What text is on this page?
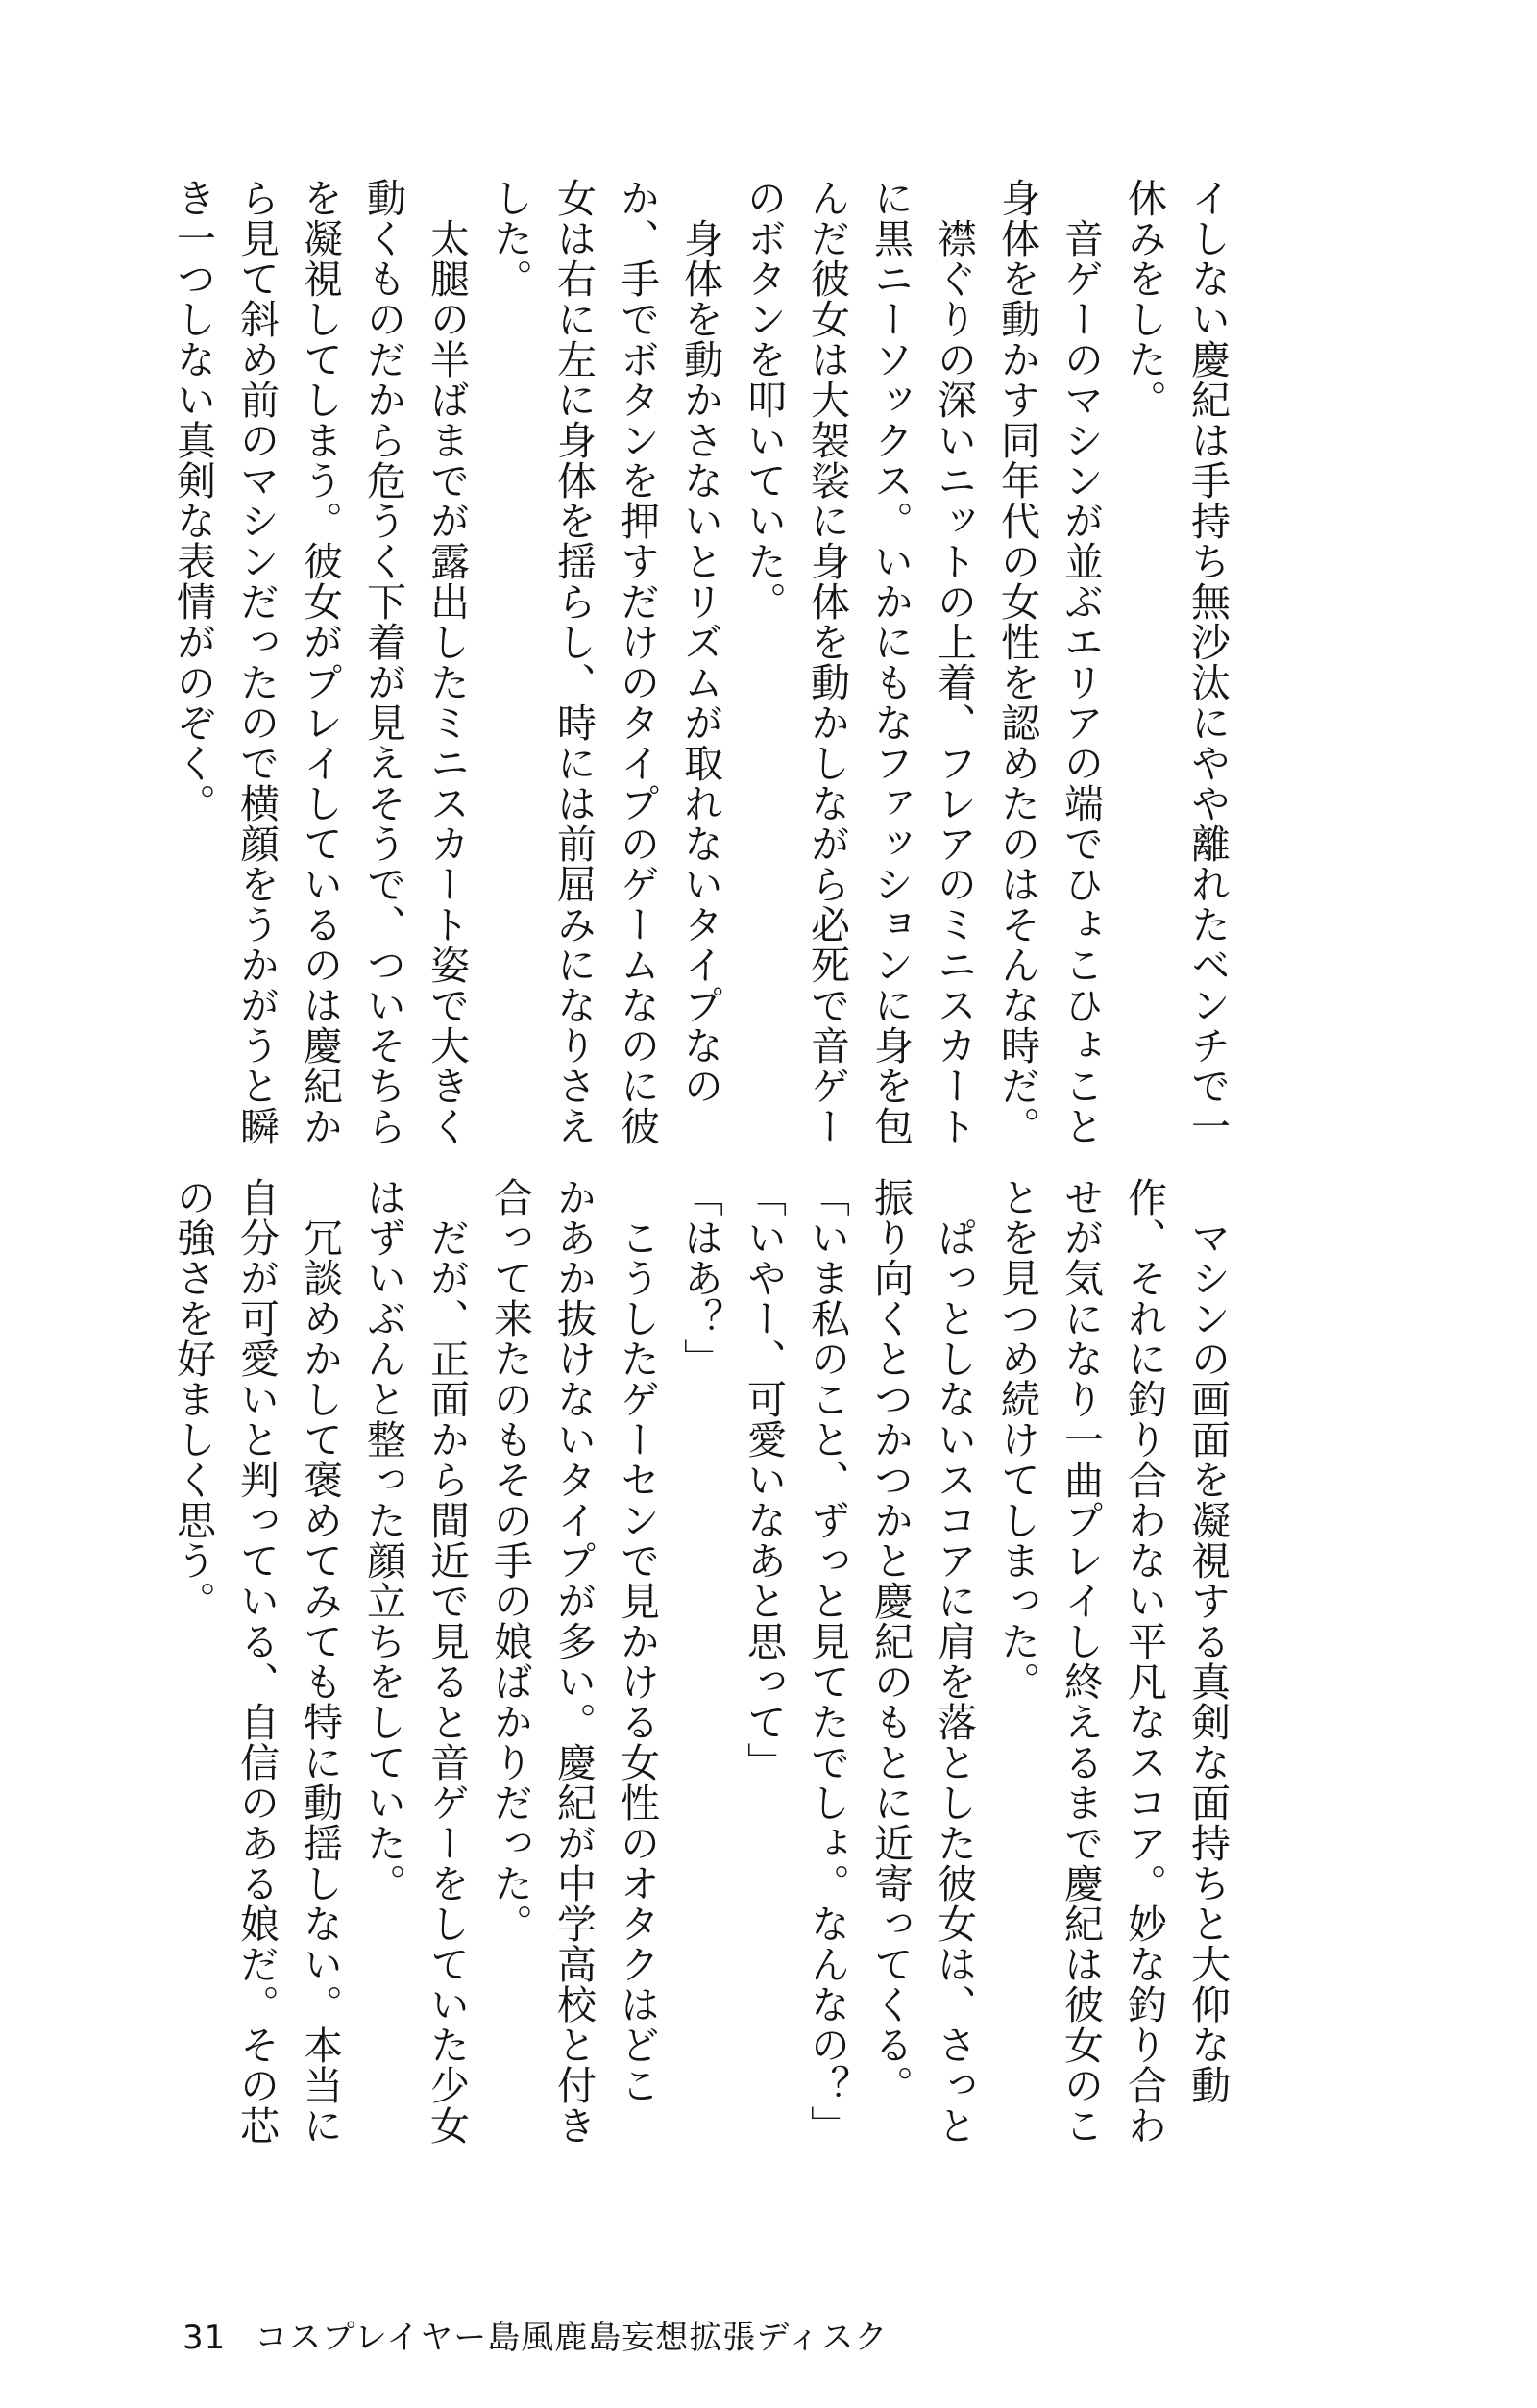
イしない慶紀は手持ち無沙汰にやや離れたベンチで一
休みをした。
　音ゲーのマシンが並ぶエリアの端でひょこひょこと
身体を動かす同年代の女性を認めたのはそんな時だ。
　襟ぐりの深いニットの上着、フレアのミニスカート
に黒ニーソックス。いかにもなファッションに身を包
んだ彼女は大袈裟に身体を動かしながら必死で音ゲー
のボタンを叩いていた。
　身体を動かさないとリズムが取れないタイプなの
か、手でボタンを押すだけのタイプのゲームなのに彼
女は右に左に身体を揺らし、時には前屈みになりさえ
した。
　太腿の半ばまでが露出したミニスカート姿で大きく
動くものだから危うく下着が見えそうで、ついそちら
を凝視してしまう。彼女がプレイしているのは慶紀か
ら見て斜め前のマシンだったので横顔をうかがうと瞬
き一つしない真剣な表情がのぞく。
　マシンの画面を凝視する真剣な面持ちと大仰な動
作、それに釣り合わない平凡なスコア。妙な釣り合わ
せが気になり一曲プレイし終えるまで慶紀は彼女のこ
とを見つめ続けてしまった。
　ぱっとしないスコアに肩を落とした彼女は、さっと
振り向くとつかつかと慶紀のもとに近寄ってくる。
「いま私のこと、ずっと見てたでしょ。なんなの？」
「いやー、可愛いなあと思って」
「はあ？」
　こうしたゲーセンで見かける女性のオタクはどこ
かあか抜けないタイプが多い。慶紀が中学高校と付き
合って来たのもその手の娘ばかりだった。
　だが、正面から間近で見ると音ゲーをしていた少女
はずいぶんと整った顔立ちをしていた。
　冗談めかして褒めてみても特に動揺しない。本当に
自分が可愛いと判っている、自信のある娘だ。その芯
の強さを好ましく思う。
31 コスプレイヤー島風鹿島妄想拡張ディスク
